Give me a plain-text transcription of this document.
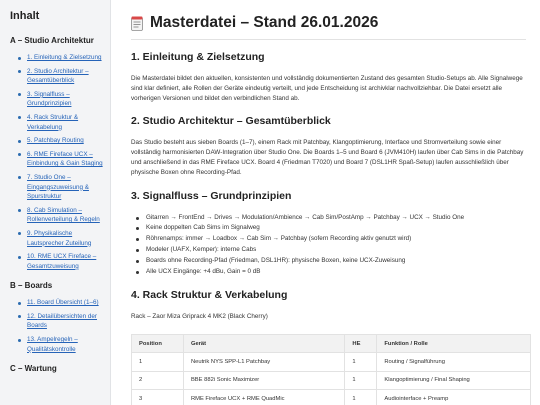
Inhalt
A – Studio Architektur
1. Einleitung & Zielsetzung
2. Studio Architektur – Gesamtüberblick
3. Signalfluss – Grundprinzipien
4. Rack Struktur & Verkabelung
5. Patchbay Routing
6. RME Fireface UCX – Einbindung & Gain Staging
7. Studio One – Eingangszuweisung & Spurstruktur
8. Cab Simulation – Rollenverteilung & Regeln
9. Physikalische Lautsprecher Zuteilung
10. RME UCX Fireface – Gesamtzuweisung
B – Boards
11. Board Übersicht (1–6)
12. Detailübersichten der Boards
13. Ampelregeln – Qualitätskontrolle
C – Wartung
Masterdatei – Stand 26.01.2026
1. Einleitung & Zielsetzung

Die Masterdatei bildet den aktuellen, konsistenten und vollständig dokumentierten Zustand des gesamten Studio-Setups ab. Alle Signalwege sind klar definiert, alle Rollen der Geräte eindeutig verteilt, und jede Entscheidung ist archivklar nachvollziehbar. Die Datei ersetzt alle vorherigen Versionen und bildet den verbindlichen Stand ab.

2. Studio Architektur – Gesamtüberblick

Das Studio besteht aus sieben Boards (1–7), einem Rack mit Patchbay, Klangoptimierung, Interface und Stromverteilung sowie einer vollständig harmonisierten DAW-Integration über Studio One. Die Boards 1–5 und Board 6 (JVM410H) laufen über Cab Sims in die Patchbay und anschließend in das RME Fireface UCX. Board 4 (Friedman T7020) und Board 7 (DSL1HR Spaß-Setup) laufen ausschließlich über physische Boxen ohne Recording-Pfad.

3. Signalfluss – Grundprinzipien
Gitarren → FrontEnd → Drives → Modulation/Ambience → Cab Sim/PostAmp → Patchbay → UCX → Studio One
Keine doppelten Cab Sims im Signalweg
Röhrenamps: immer → Loadbox → Cab Sim → Patchbay (sofern Recording aktiv genutzt wird)
Modeler (UAFX, Kemper): interne Cabs
Boards ohne Recording-Pfad (Friedman, DSL1HR): physische Boxen, keine UCX-Zuweisung
Alle UCX Eingänge: +4 dBu, Gain = 0 dB
4. Rack Struktur & Verkabelung

Rack – Zaor Miza Griprack 4 MK2 (Black Cherry)

Position	Gerät	HE	Funktion / Rolle
1	Neutrik NYS SPP-L1 Patchbay	1	Routing / Signalführung
2	BBE 882i Sonic Maximizer	1	Klangoptimierung / Final Shaping
3	RME Fireface UCX + RME QuadMic	1	Audiointerface + Preamp
